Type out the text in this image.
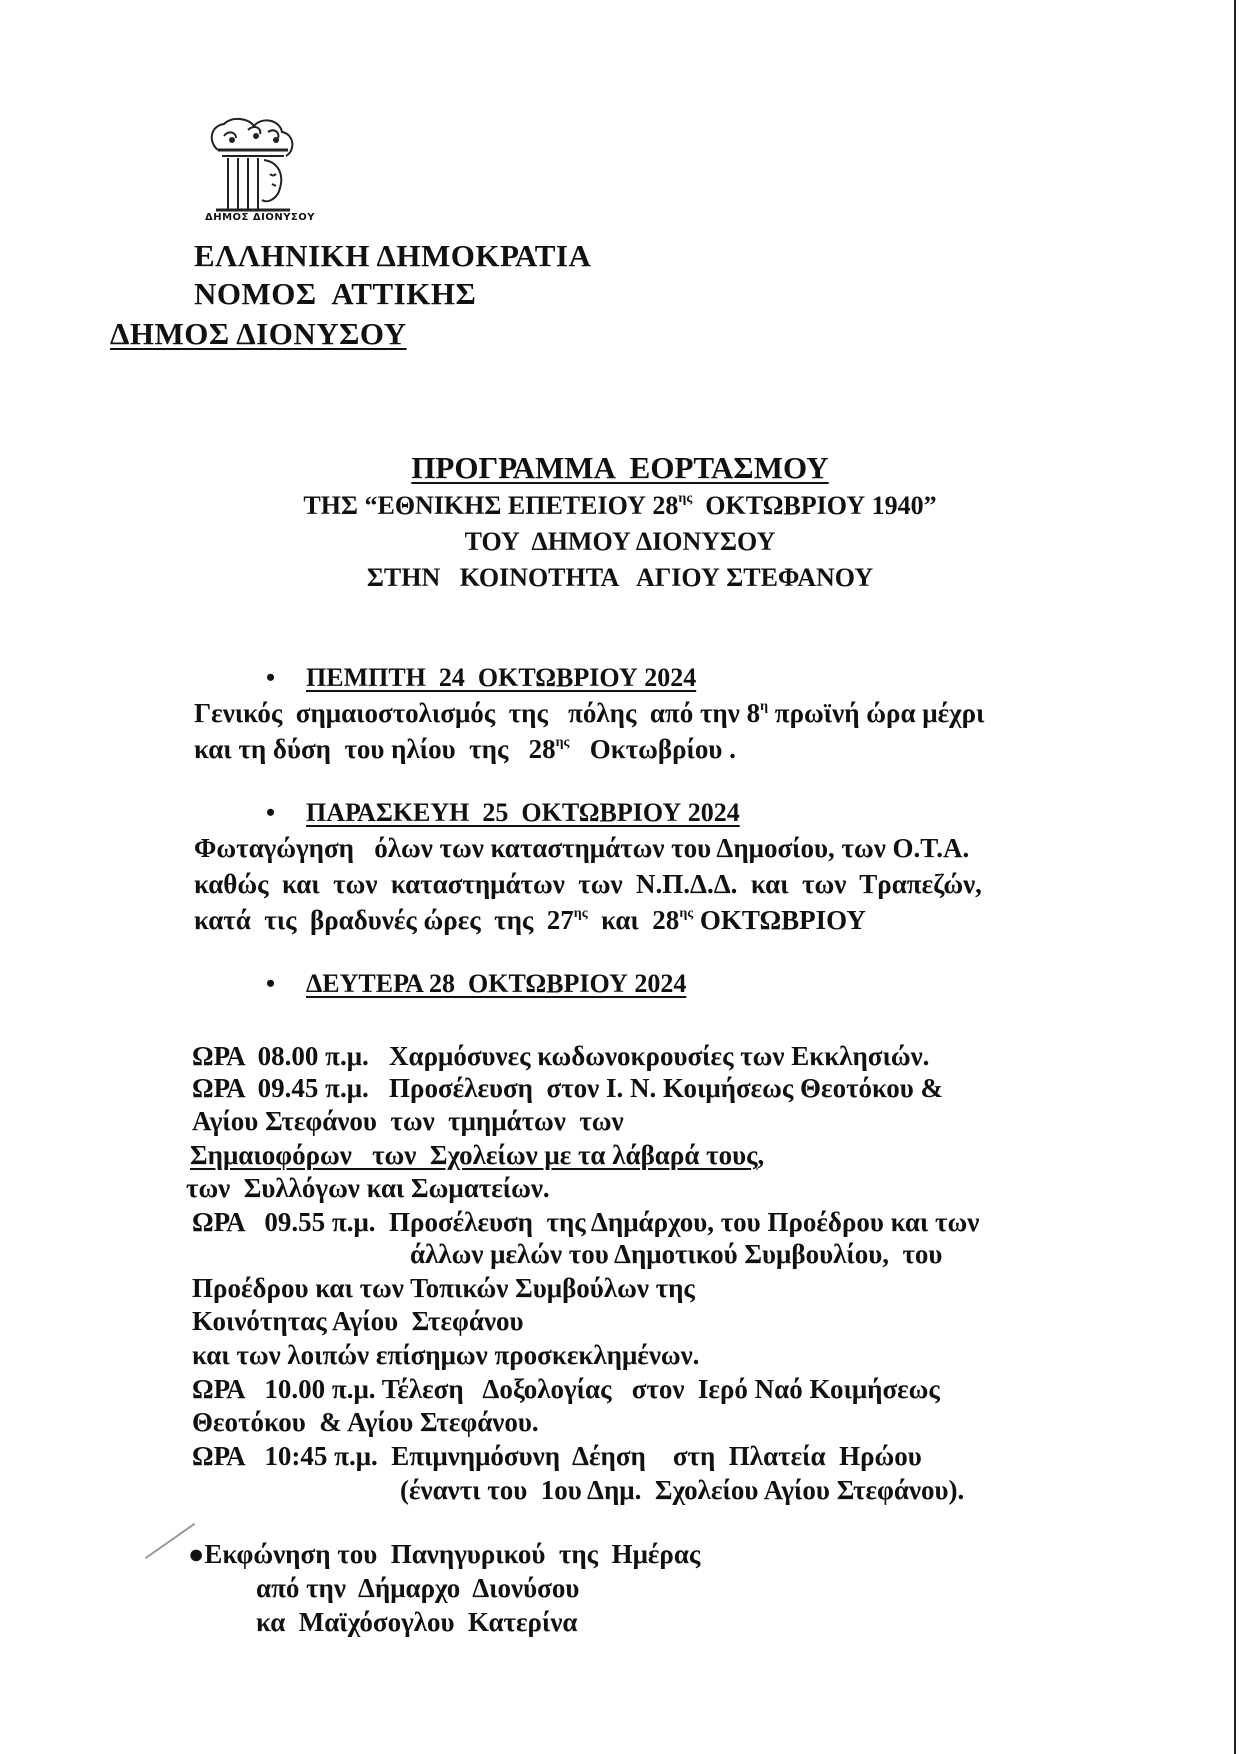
ΔΗΜΟΣ ΔΙΟΝΥΣΟΥ
ΕΛΛΗΝΙΚΗ ΔΗΜΟΚΡΑΤΙΑ
ΝΟΜΟΣ  ΑΤΤΙΚΗΣ
ΔΗΜΟΣ ΔΙΟΝΥΣΟΥ
ΠΡΟΓΡΑΜΜΑ  ΕΟΡΤΑΣΜΟΥ
ΤΗΣ “ΕΘΝΙΚΗΣ ΕΠΕΤΕΙΟΥ $28^{\eta\varsigma}$  ΟΚΤΩΒΡΙΟΥ 1940”
ΤΟΥ  ΔΗΜΟΥ ΔΙΟΝΥΣΟΥ
ΣΤΗΝ   ΚΟΙΝΟΤΗΤΑ   ΑΓΙΟΥ ΣΤΕΦΑΝΟΥ
• ΠΕΜΠΤΗ  24  ΟΚΤΩΒΡΙΟΥ 2024
Γενικός  σημαιοστολισμός  της   πόλης  από την $8^\eta$ πρωϊνή ώρα μέχρι
και τη δύση  του ηλίου  της   $28^{\eta\varsigma}$   Οκτωβρίου .
• ΠΑΡΑΣΚΕΥΗ  25  ΟΚΤΩΒΡΙΟΥ 2024
Φωταγώγηση   όλων των καταστημάτων του Δημοσίου, των Ο.Τ.Α.
καθώς  και  των  καταστημάτων  των  Ν.Π.Δ.Δ.  και  των  Τραπεζών,
κατά  τις  βραδυνές ώρες  της  $27^{\eta\varsigma}$  και  $28^{\eta\varsigma}$ ΟΚΤΩΒΡΙΟΥ
• ΔΕΥΤΕΡΑ 28  ΟΚΤΩΒΡΙΟΥ 2024
ΩΡΑ  08.00 π.μ.   Χαρμόσυνες κωδωνοκρουσίες των Εκκλησιών.
ΩΡΑ  09.45 π.μ.   Προσέλευση  στον Ι. Ν. Κοιμήσεως Θεοτόκου &
Αγίου Στεφάνου  των  τμημάτων  των
Σημαιοφόρων   των  Σχολείων με τα λάβαρά τους,
των  Συλλόγων και Σωματείων.
ΩΡΑ   09.55 π.μ.  Προσέλευση  της Δημάρχου, του Προέδρου και των
άλλων μελών του Δημοτικού Συμβουλίου,  του
Προέδρου και των Τοπικών Συμβούλων της
Κοινότητας Αγίου  Στεφάνου
και των λοιπών επίσημων προσκεκλημένων.
ΩΡΑ   10.00 π.μ. Τέλεση   Δοξολογίας   στον  Ιερό Ναό Κοιμήσεως
Θεοτόκου  & Αγίου Στεφάνου.
ΩΡΑ   10:45 π.μ.  Επιμνημόσυνη  Δέηση    στη  Πλατεία  Ηρώου
(έναντι του  1ου Δημ.  Σχολείου Αγίου Στεφάνου).
●Εκφώνηση του  Πανηγυρικού  της  Ημέρας
από την  Δήμαρχο  Διονύσου
κα  Μαϊχόσογλου  Κατερίνα
